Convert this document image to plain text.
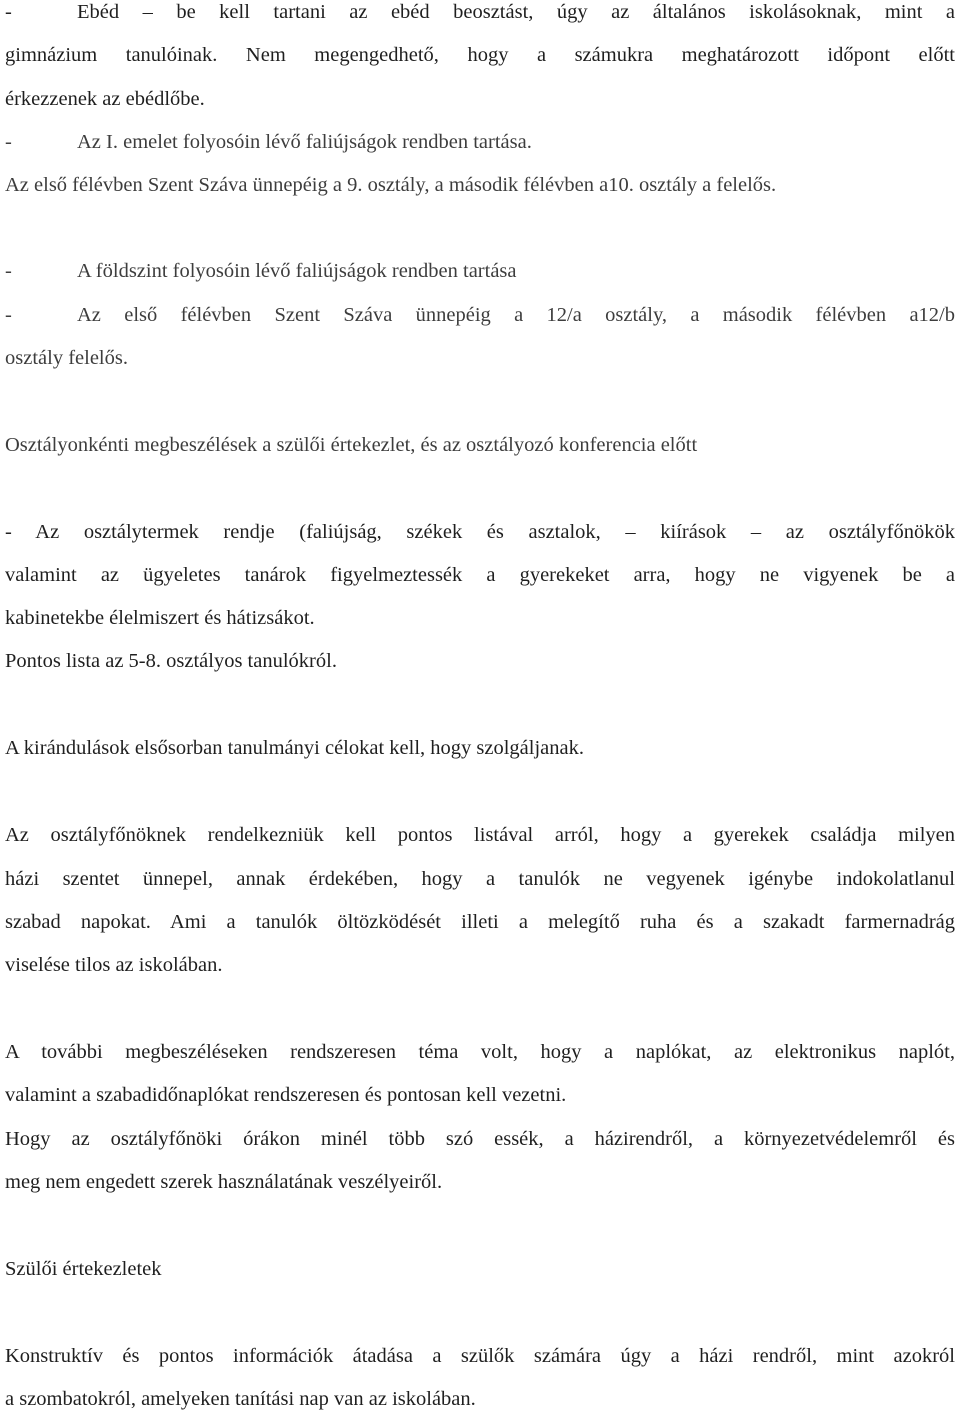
-	Ebéd – be kell tartani az ebéd beosztást, úgy az általános iskolásoknak, mint a
gimnázium tanulóinak. Nem megengedhető, hogy a számukra meghatározott időpont előtt
érkezzenek az ebédlőbe.
-	Az I. emelet folyosóin lévő faliújságok rendben tartása.
Az első félévben Szent Száva ünnepéig a 9. osztály, a második félévben a10. osztály a felelős.
-	A földszint folyosóin lévő faliújságok rendben tartása
-	Az első félévben Szent Száva ünnepéig a 12/a osztály, a második félévben a12/b
osztály felelős.
Osztályonkénti megbeszélések a szülői értekezlet, és az osztályozó konferencia előtt
- Az osztálytermek rendje (faliújság, székek és asztalok, – kiírások – az osztályfőnökök
valamint az ügyeletes tanárok figyelmeztessék a gyerekeket arra, hogy ne vigyenek be a
kabinetekbe élelmiszert és hátizsákot.
Pontos lista az 5-8. osztályos tanulókról.
A kirándulások elsősorban tanulmányi célokat kell, hogy szolgáljanak.
Az osztályfőnöknek rendelkezniük kell pontos listával arról, hogy a gyerekek családja milyen
házi szentet ünnepel, annak érdekében, hogy a tanulók ne vegyenek igénybe indokolatlanul
szabad napokat. Ami a tanulók öltözködését illeti a melegítő ruha és a szakadt farmernadrág
viselése tilos az iskolában.
A további megbeszéléseken rendszeresen téma volt, hogy a naplókat, az elektronikus naplót,
valamint a szabadidőnaplókat rendszeresen és pontosan kell vezetni.
Hogy az osztályfőnöki órákon minél több szó essék, a házirendről, a környezetvédelemről és
meg nem engedett szerek használatának veszélyeiről.
Szülői értekezletek
Konstruktív és pontos információk átadása a szülők számára úgy a házi rendről, mint azokról
a szombatokról, amelyeken tanítási nap van az iskolában.
